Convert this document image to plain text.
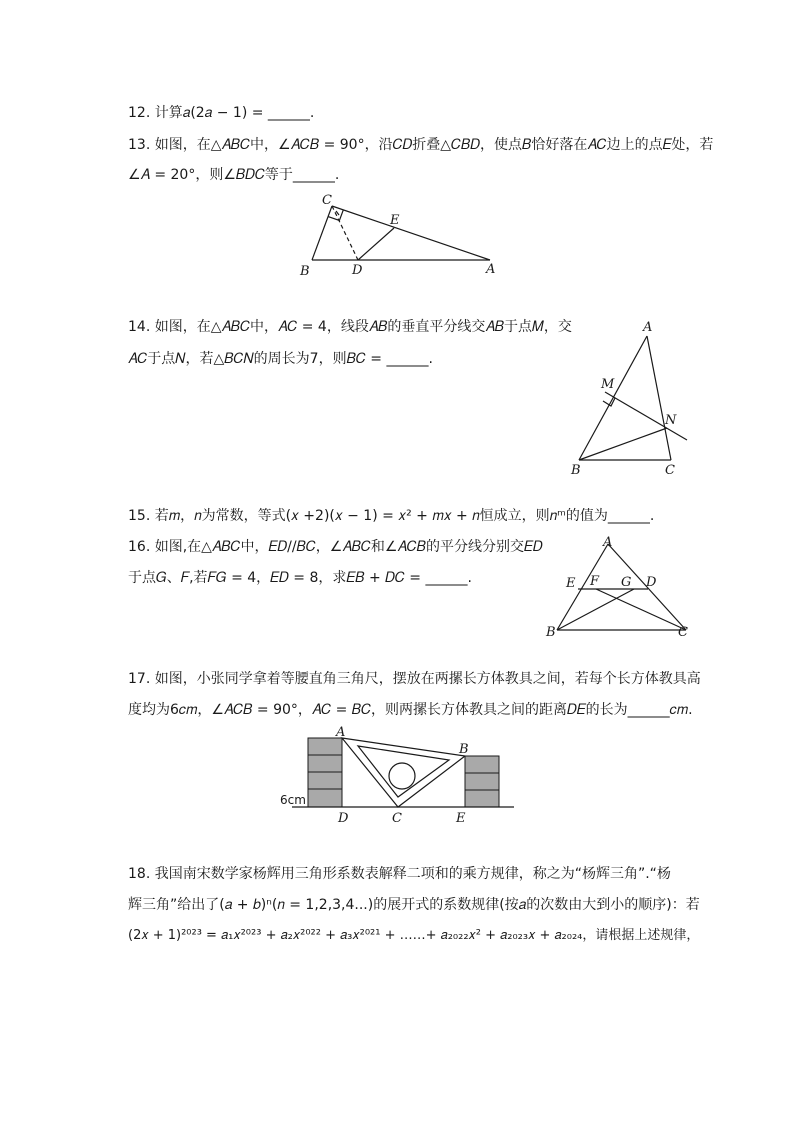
12. 计算𝑎(2𝑎 − 1) = ______.
13. 如图，在△𝐴𝐵𝐶中，∠𝐴𝐶𝐵 = 90°，沿𝐶𝐷折叠△𝐶𝐵𝐷，使点𝐵恰好落在𝐴𝐶边上的点𝐸处，若
∠𝐴 = 20°，则∠𝐵𝐷𝐶等于______.
C
E
B	D	A
14. 如图，在△𝐴𝐵𝐶中，𝐴𝐶 = 4，线段𝐴𝐵的垂直平分线交𝐴𝐵于点𝑀，交
𝐴𝐶于点𝑁，若△𝐵𝐶𝑁的周长为7，则𝐵𝐶 = ______.
A
M
N
B	C
15. 若𝑚，𝑛为常数，等式(𝑥 +2)(𝑥 − 1) = 𝑥² + 𝑚𝑥 + 𝑛恒成立，则𝑛ᵐ的值为______.
16. 如图,在△𝐴𝐵𝐶中，𝐸𝐷//𝐵𝐶，∠𝐴𝐵𝐶和∠𝐴𝐶𝐵的平分线分别交𝐸𝐷
于点𝐺、𝐹,若𝐹𝐺 = 4，𝐸𝐷 = 8，求𝐸𝐵 + 𝐷𝐶 = ______.
A
E F G D
B	C
17. 如图，小张同学拿着等腰直角三角尺，摆放在两摞长方体教具之间，若每个长方体教具高
度均为6𝑐𝑚，∠𝐴𝐶𝐵 = 90°，𝐴𝐶 = 𝐵𝐶，则两摞长方体教具之间的距离𝐷𝐸的长为______𝑐𝑚.
A
B
6cm
D	C	E
18. 我国南宋数学家杨辉用三角形系数表解释二项和的乘方规律，称之为“杨辉三角”.“杨
辉三角”给出了(𝑎 + 𝑏)ⁿ(𝑛 = 1,2,3,4...)的展开式的系数规律(按𝑎的次数由大到小的顺序)：若
(2𝑥 + 1)²⁰²³ = 𝑎₁𝑥²⁰²³ + 𝑎₂𝑥²⁰²² + 𝑎₃𝑥²⁰²¹ + ……+ 𝑎₂₀₂₂𝑥² + 𝑎₂₀₂₃𝑥 + 𝑎₂₀₂₄，请根据上述规律，
